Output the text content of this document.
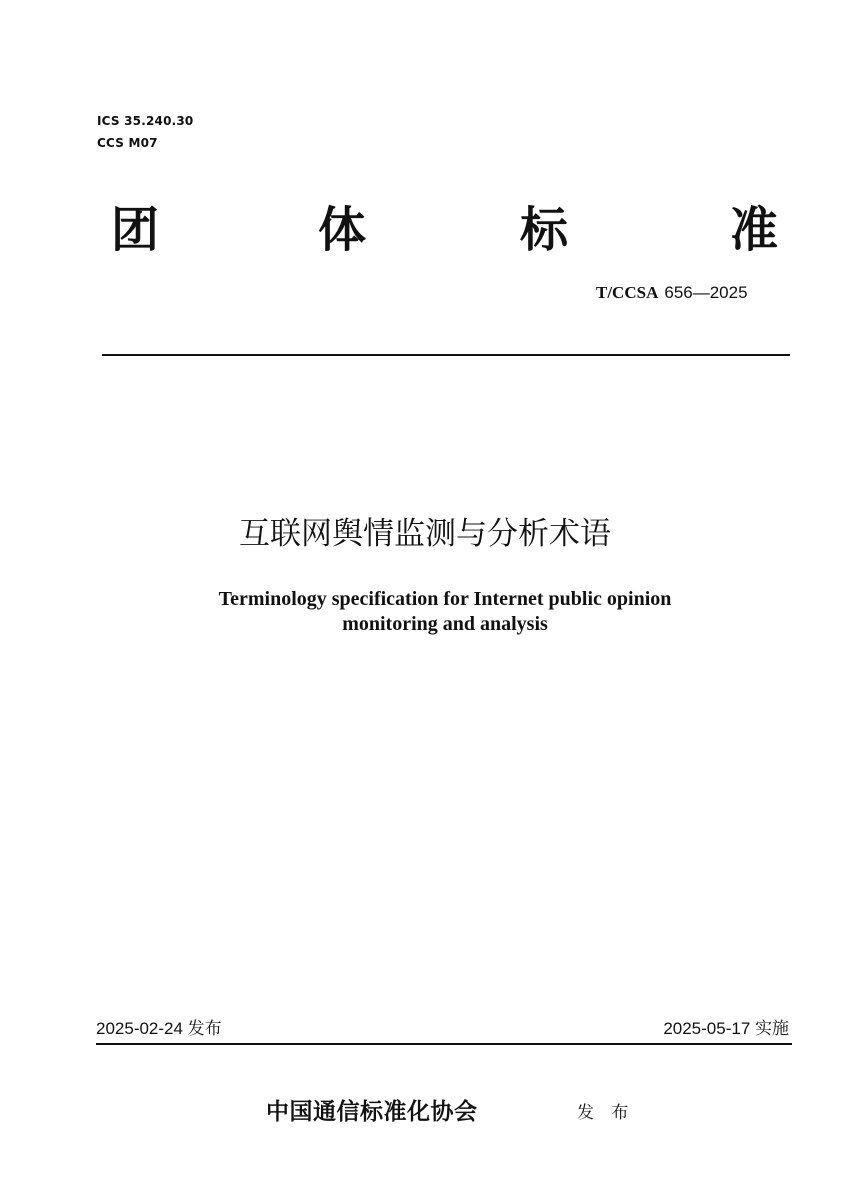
ICS 35.240.30
CCS M07
团	体	标	准
T/CCSA 656—2025
互联网舆情监测与分析术语
Terminology specification for Internet public opinion
monitoring and analysis
2025-02-24 发布	2025-05-17 实施
中国通信标准化协会	发 布
